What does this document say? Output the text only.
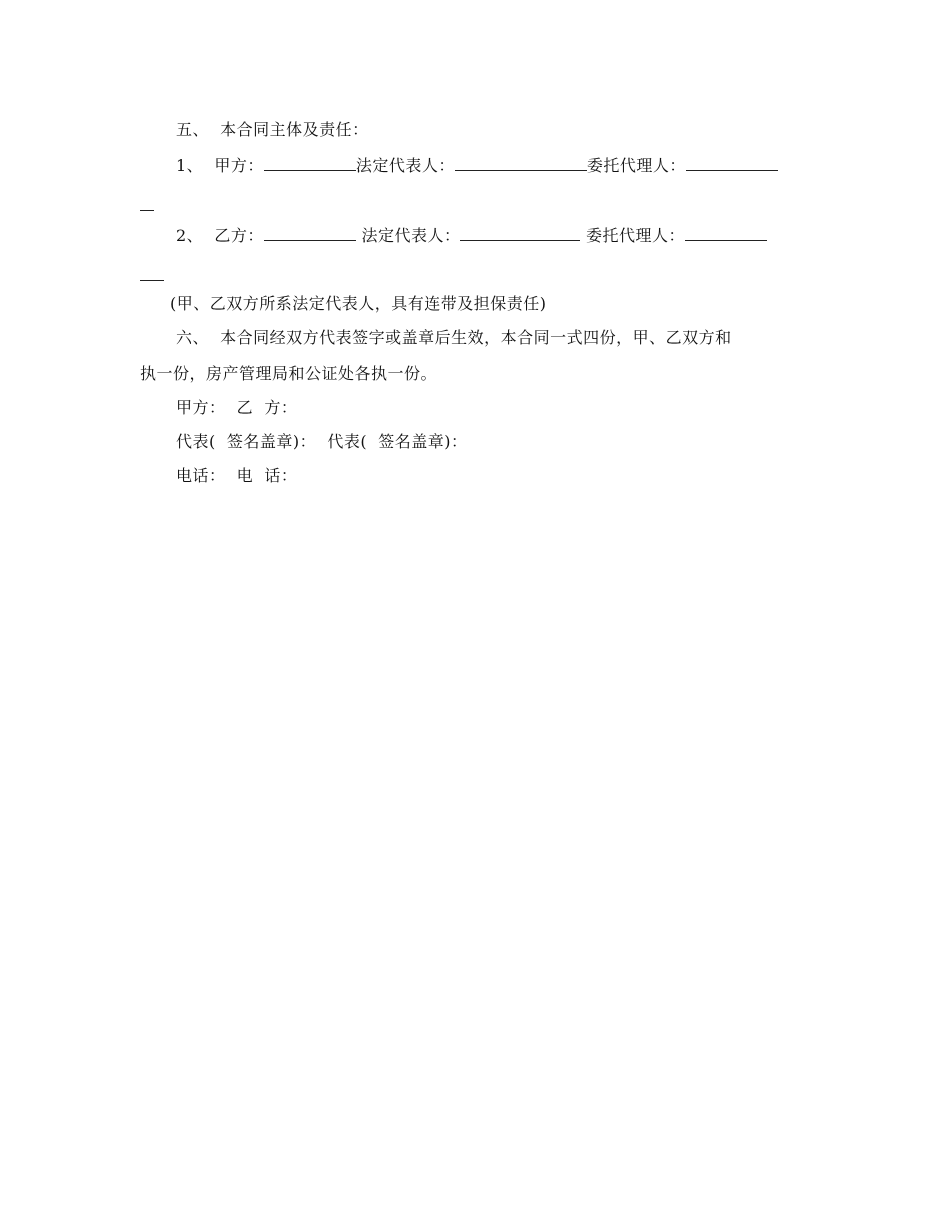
五、  本合同主体及责任：
1、  甲方：	法定代表人：	委托代理人：
2、  乙方：	法定代表人：	委托代理人：
(甲、乙双方所系法定代表人，具有连带及担保责任)
六、  本合同经双方代表签字或盖章后生效，本合同一式四份，甲、乙双方和
执一份，房产管理局和公证处各执一份。
甲方：  乙  方：
代表(  签名盖章)：  代表(  签名盖章)：
电话：  电  话：
